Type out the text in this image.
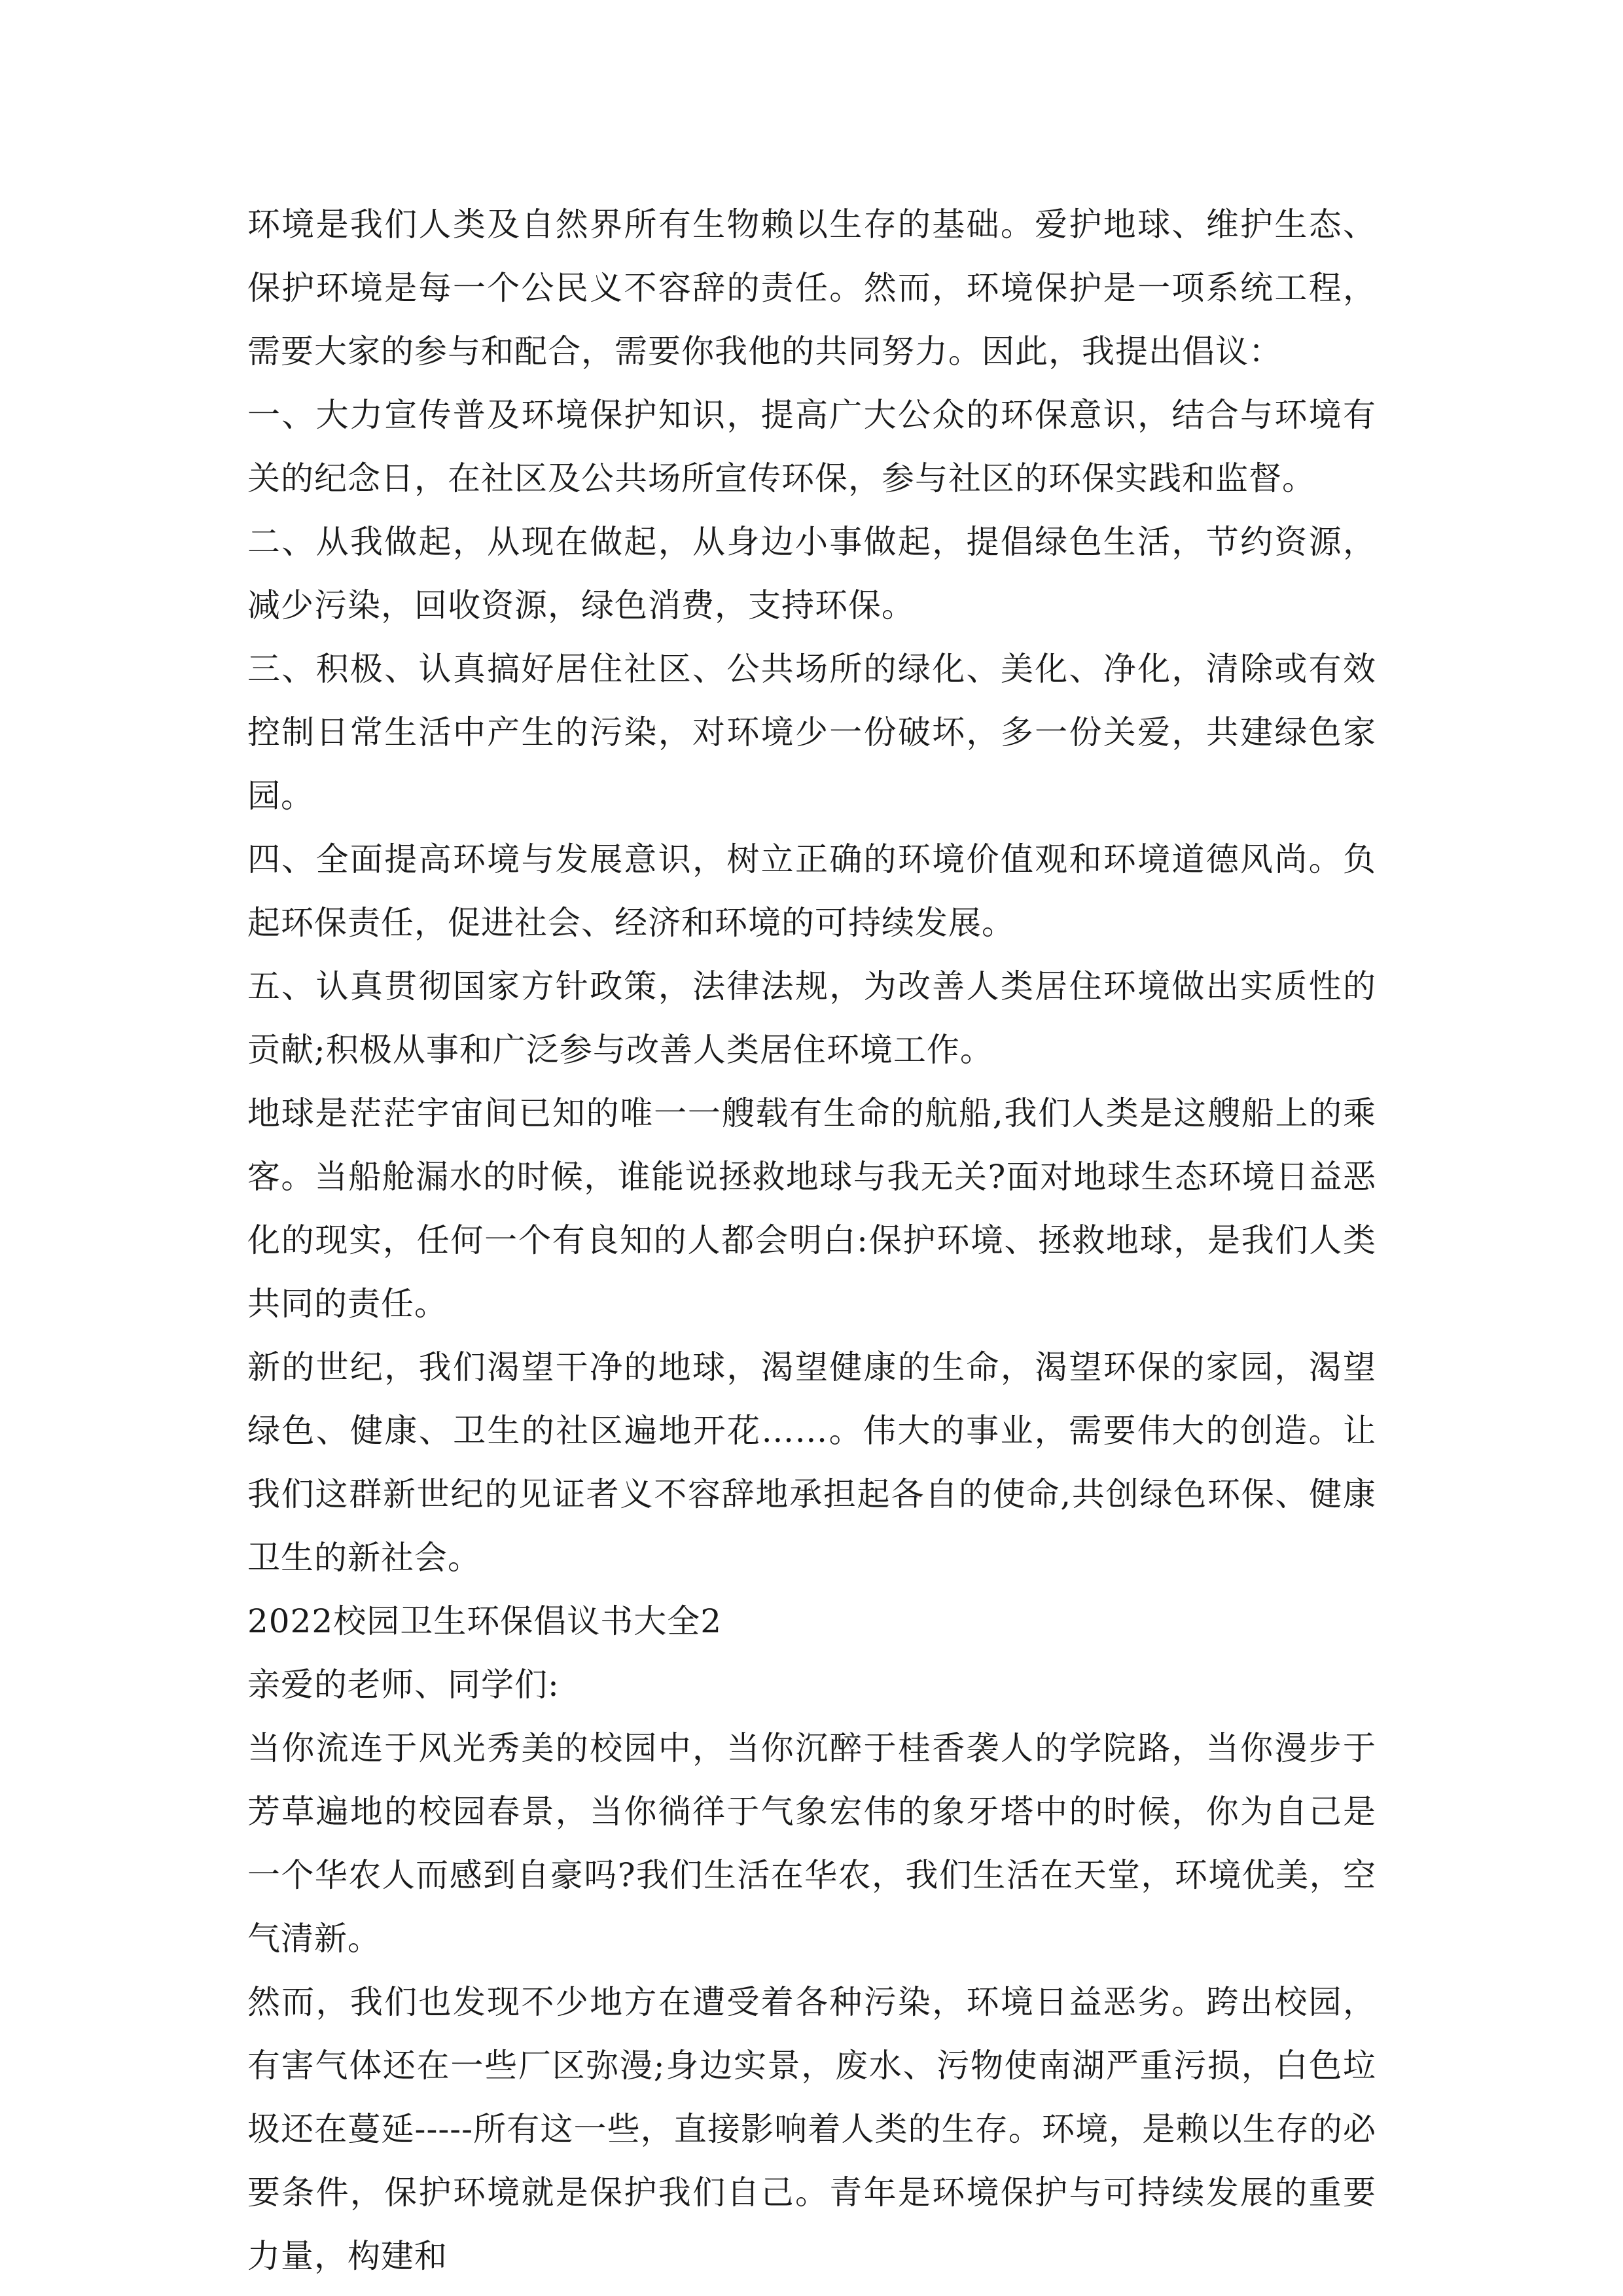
环境是我们人类及自然界所有生物赖以生存的基础。爱护地球、维护生态、保护环境是每一个公民义不容辞的责任。然而，环境保护是一项系统工程，需要大家的参与和配合，需要你我他的共同努力。因此，我提出倡议：

一、大力宣传普及环境保护知识，提高广大公众的环保意识，结合与环境有关的纪念日，在社区及公共场所宣传环保，参与社区的环保实践和监督。

二、从我做起，从现在做起，从身边小事做起，提倡绿色生活，节约资源，减少污染，回收资源，绿色消费，支持环保。

三、积极、认真搞好居住社区、公共场所的绿化、美化、净化，清除或有效控制日常生活中产生的污染，对环境少一份破坏，多一份关爱，共建绿色家园。

四、全面提高环境与发展意识，树立正确的环境价值观和环境道德风尚。负起环保责任，促进社会、经济和环境的可持续发展。

五、认真贯彻国家方针政策，法律法规，为改善人类居住环境做出实质性的贡献;积极从事和广泛参与改善人类居住环境工作。

地球是茫茫宇宙间已知的唯一一艘载有生命的航船,我们人类是这艘船上的乘客。当船舱漏水的时候，谁能说拯救地球与我无关?面对地球生态环境日益恶化的现实，任何一个有良知的人都会明白:保护环境、拯救地球，是我们人类共同的责任。

新的世纪，我们渴望干净的地球，渴望健康的生命，渴望环保的家园，渴望绿色、健康、卫生的社区遍地开花……。伟大的事业，需要伟大的创造。让我们这群新世纪的见证者义不容辞地承担起各自的使命,共创绿色环保、健康卫生的新社会。

2022校园卫生环保倡议书大全2

亲爱的老师、同学们:

当你流连于风光秀美的校园中，当你沉醉于桂香袭人的学院路，当你漫步于芳草遍地的校园春景，当你徜徉于气象宏伟的象牙塔中的时候，你为自己是一个华农人而感到自豪吗?我们生活在华农，我们生活在天堂，环境优美，空气清新。

然而，我们也发现不少地方在遭受着各种污染，环境日益恶劣。跨出校园，有害气体还在一些厂区弥漫;身边实景，废水、污物使南湖严重污损，白色垃圾还在蔓延-----所有这一些，直接影响着人类的生存。环境，是赖以生存的必要条件，保护环境就是保护我们自己。青年是环境保护与可持续发展的重要力量，构建和
